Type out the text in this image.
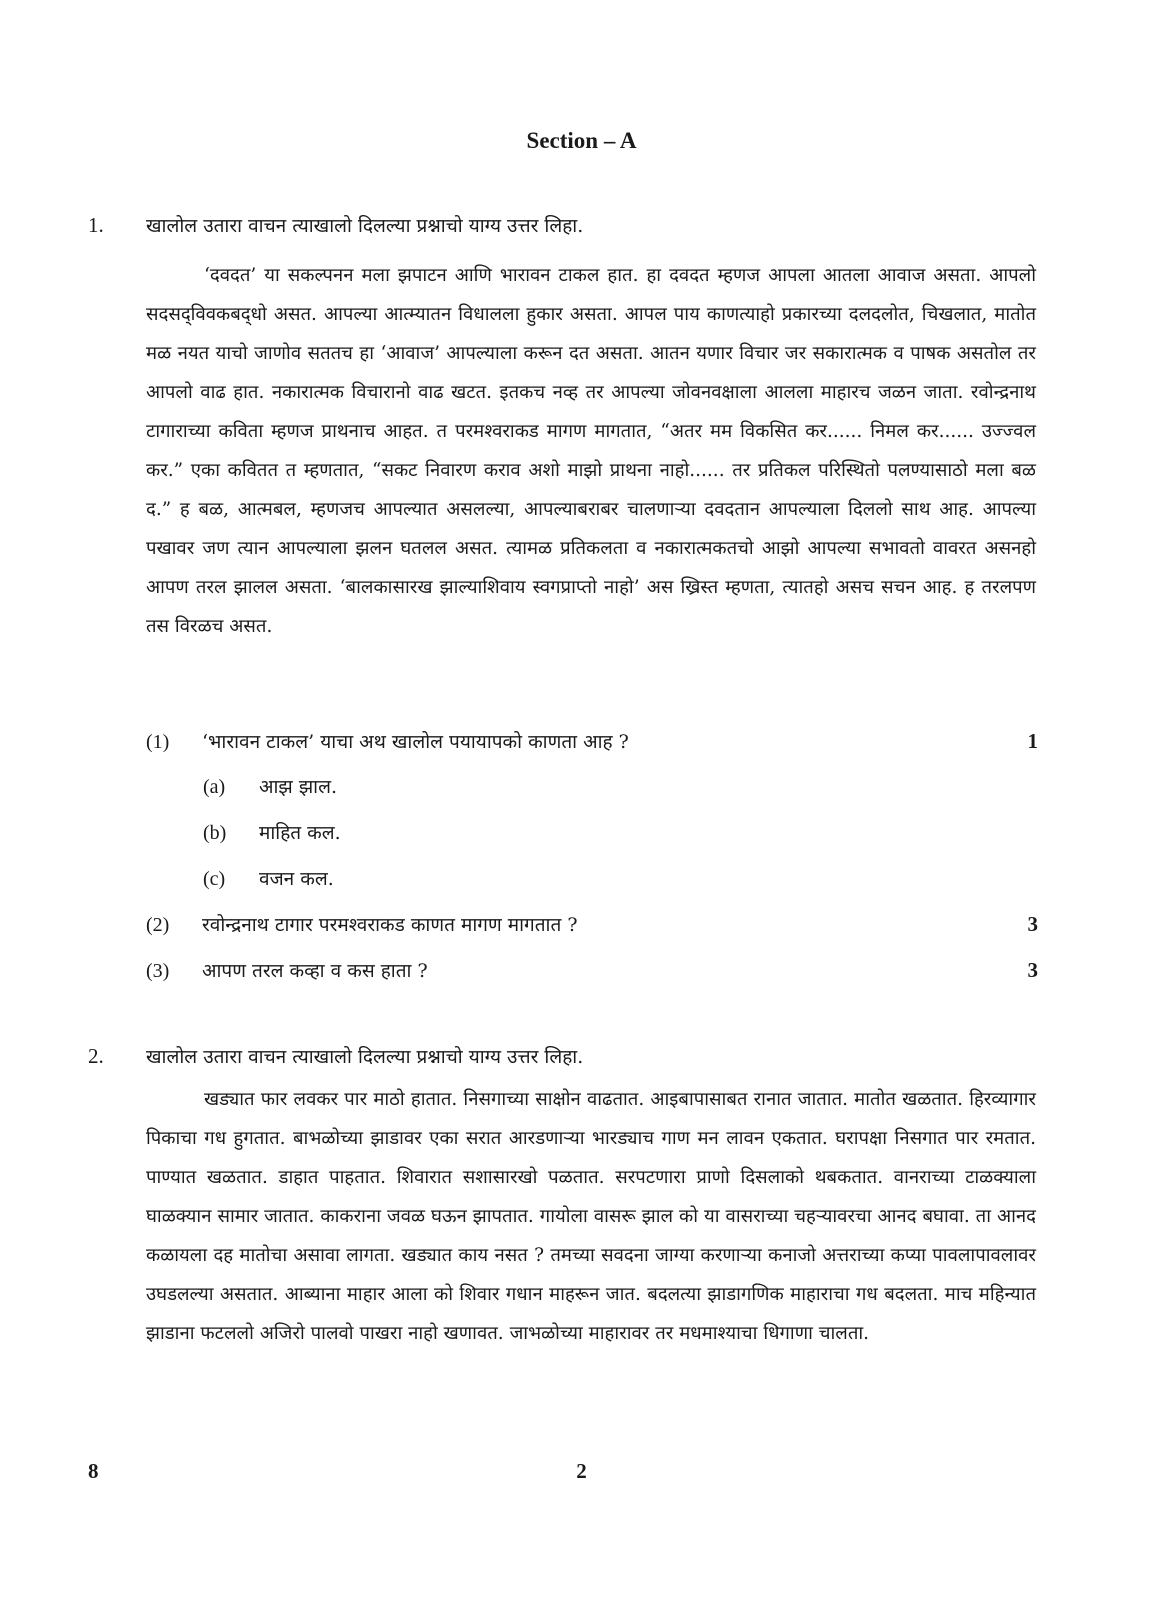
Section – A
1. खालोल उतारा वाचन त्याखालो दिलल्या प्रश्नाचो याग्य उत्तर लिहा.

‘दवदत’ या सकल्पनन मला झपाटन आणि भारावन टाकल हात. हा दवदत म्हणज आपला आतला आवाज असता. आपलो सदसद्‌विवकबद्‌धो असत. आपल्या आत्म्यातन विधालला हुकार असता. आपल पाय काणत्याहो प्रकारच्या दलदलोत, चिखलात, मातोत मळ नयत याचो जाणोव सततच हा ‘आवाज’ आपल्याला करून दत असता. आतन यणार विचार जर सकारात्मक व पाषक असतोल तर आपलो वाढ हात. नकारात्मक विचारानो वाढ खटत. इतकच नव्ह तर आपल्या जोवनवक्षाला आलला माहारच जळन जाता. रवोन्द्रनाथ टागाराच्या कविता म्हणज प्राथनाच आहत. त परमश्वराकड मागण मागतात, “अतर मम विकसित कर...... निमल कर...... उज्ज्वल कर.” एका कवितत त म्हणतात, “सकट निवारण कराव अशो माझो प्राथना नाहो...... तर प्रतिकल परिस्थितो पलण्यासाठो मला बळ द.” ह बळ, आत्मबल, म्हणजच आपल्यात असलल्या, आपल्याबराबर चालणाऱ्या दवदतान आपल्याला दिललो साथ आह. आपल्या पखावर जण त्यान आपल्याला झलन घतलल असत. त्यामळ प्रतिकलता व नकारात्मकतचो आझो आपल्या सभावतो वावरत असनहो आपण तरल झालल असता. ‘बालकासारख झाल्याशिवाय स्वगप्राप्तो नाहो’ अस ख्रिस्त म्हणता, त्यातहो असच सचन आह. ह तरलपण तस विरळच असत.

(1) ‘भारावन टाकल’ याचा अथ खालोल पयायापको काणता आह ?	1
(a) आझ झाल.
(b) माहित कल.
(c) वजन कल.
(2) रवोन्द्रनाथ टागार परमश्वराकड काणत मागण मागतात ?	3
(3) आपण तरल कव्हा व कस हाता ?	3
2. खालोल उतारा वाचन त्याखालो दिलल्या प्रश्नाचो याग्य उत्तर लिहा.

खड्यात फार लवकर पार माठो हातात. निसगाच्या साक्षोन वाढतात. आइबापासाबत रानात जातात. मातोत खळतात. हिरव्यागार पिकाचा गध हुगतात. बाभळोच्या झाडावर एका सरात आरडणाऱ्या भारड्याच गाण मन लावन एकतात. घरापक्षा निसगात पार रमतात. पाण्यात खळतात. डाहात पाहतात. शिवारात सशासारखो पळतात. सरपटणारा प्राणो दिसलाको थबकतात. वानराच्या टाळक्याला घाळक्यान सामार जातात. काकराना जवळ घऊन झापतात. गायोला वासरू झाल को या वासराच्या चहऱ्यावरचा आनद बघावा. ता आनद कळायला दह मातोचा असावा लागता. खड्यात काय नसत ? तमच्या सवदना जाग्या करणाऱ्या कनाजो अत्तराच्या कप्या पावलापावलावर उघडलल्या असतात. आब्याना माहार आला को शिवार गधान माहरून जात. बदलत्या झाडागणिक माहाराचा गध बदलता. माच महिन्यात झाडाना फटललो अजिरो पालवो पाखरा नाहो खणावत. जाभळोच्या माहारावर तर मधमाश्याचा धिगाणा चालता.

8	2
